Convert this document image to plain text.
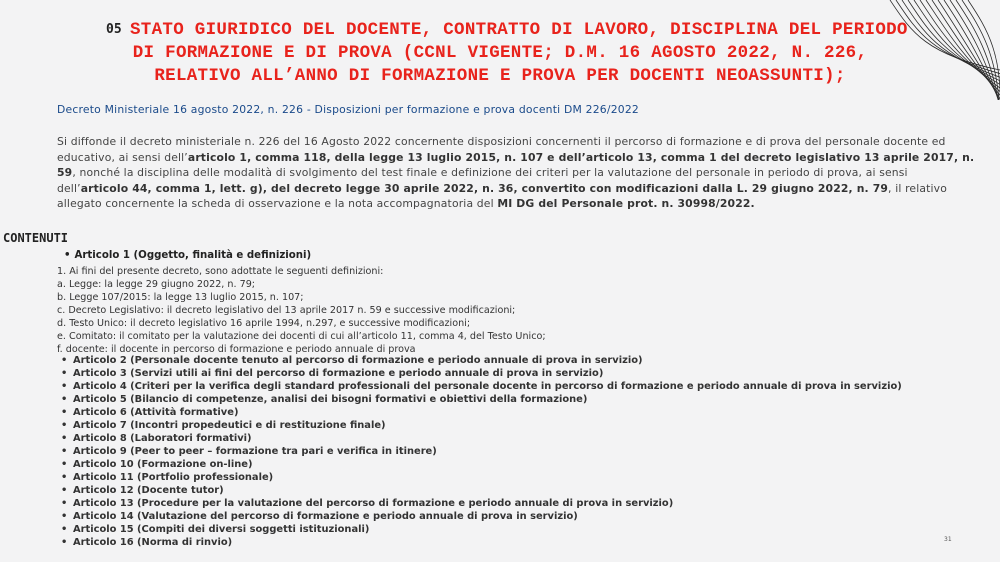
05 STATO GIURIDICO DEL DOCENTE, CONTRATTO DI LAVORO, DISCIPLINA DEL PERIODO
DI FORMAZIONE E DI PROVA (CCNL VIGENTE; D.M. 16 AGOSTO 2022, N. 226,
RELATIVO ALL’ANNO DI FORMAZIONE E PROVA PER DOCENTI NEOASSUNTI);
Decreto Ministeriale 16 agosto 2022, n. 226 - Disposizioni per formazione e prova docenti DM 226/2022
Si diffonde il decreto ministeriale n. 226 del 16 Agosto 2022 concernente disposizioni concernenti il percorso di formazione e di prova del personale docente ed educativo, ai sensi dell’articolo 1, comma 118, della legge 13 luglio 2015, n. 107 e dell’articolo 13, comma 1 del decreto legislativo 13 aprile 2017, n. 59, nonché la disciplina delle modalità di svolgimento del test finale e definizione dei criteri per la valutazione del personale in periodo di prova, ai sensi dell’articolo 44, comma 1, lett. g), del decreto legge 30 aprile 2022, n. 36, convertito con modificazioni dalla L. 29 giugno 2022, n. 79, il relativo allegato concernente la scheda di osservazione e la nota accompagnatoria del MI DG del Personale prot. n. 30998/2022.
CONTENUTI
• Articolo 1 (Oggetto, finalità e definizioni)
1. Ai fini del presente decreto, sono adottate le seguenti definizioni:
a. Legge: la legge 29 giugno 2022, n. 79;
b. Legge 107/2015: la legge 13 luglio 2015, n. 107;
c. Decreto Legislativo: il decreto legislativo del 13 aprile 2017 n. 59 e successive modificazioni;
d. Testo Unico: il decreto legislativo 16 aprile 1994, n.297, e successive modificazioni;
e. Comitato: il comitato per la valutazione dei docenti di cui all’articolo 11, comma 4, del Testo Unico;
f. docente: il docente in percorso di formazione e periodo annuale di prova
• Articolo 2 (Personale docente tenuto al percorso di formazione e periodo annuale di prova in servizio)
• Articolo 3 (Servizi utili ai fini del percorso di formazione e periodo annuale di prova in servizio)
• Articolo 4 (Criteri per la verifica degli standard professionali del personale docente in percorso di formazione e periodo annuale di prova in servizio)
• Articolo 5 (Bilancio di competenze, analisi dei bisogni formativi e obiettivi della formazione)
• Articolo 6 (Attività formative)
• Articolo 7 (Incontri propedeutici e di restituzione finale)
• Articolo 8 (Laboratori formativi)
• Articolo 9 (Peer to peer – formazione tra pari e verifica in itinere)
• Articolo 10 (Formazione on-line)
• Articolo 11 (Portfolio professionale)
• Articolo 12 (Docente tutor)
• Articolo 13 (Procedure per la valutazione del percorso di formazione e periodo annuale di prova in servizio)
• Articolo 14 (Valutazione del percorso di formazione e periodo annuale di prova in servizio)
• Articolo 15 (Compiti dei diversi soggetti istituzionali)
• Articolo 16 (Norma di rinvio)	31
